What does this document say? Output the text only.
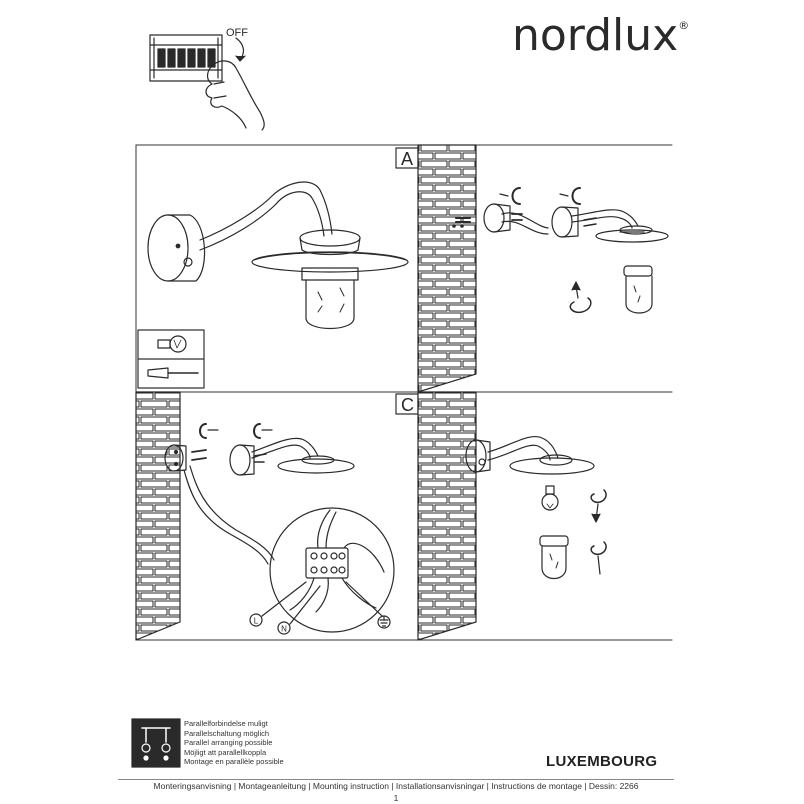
nordlux®
OFF
A
C
L
N
Parallelforbindelse muligt
Parallelschaltung möglich
Parallel arranging possible
Möjligt att parallellkoppla
Montage en parallèle possible	LUXEMBOURG
Monteringsanvisning | Montageanleitung | Mounting instruction | Installationsanvisningar | Instructions de montage | Dessin: 2266
1
